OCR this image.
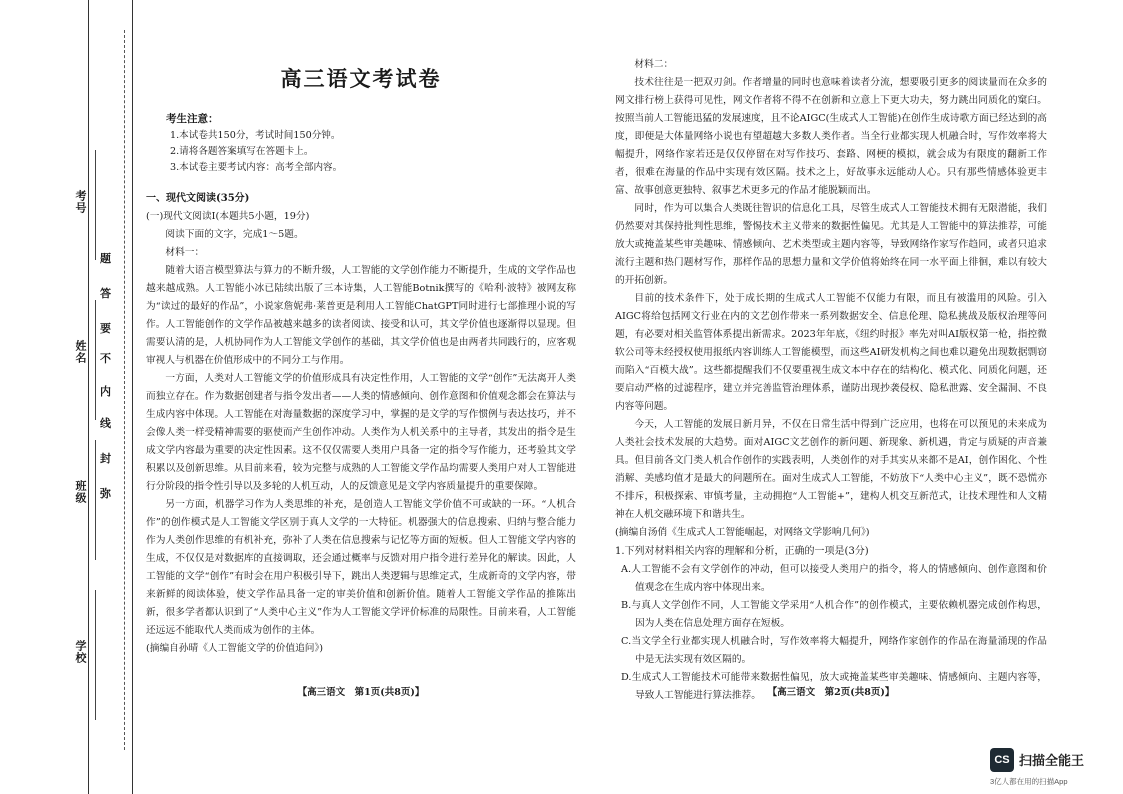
考号
姓名
班级
学校
题
答
要
不
内
线
封
弥
高三语文考试卷
考生注意：
1.本试卷共150分，考试时间150分钟。
2.请将各题答案填写在答题卡上。
3.本试卷主要考试内容：高考全部内容。
一、现代文阅读(35分)

(一)现代文阅读Ⅰ(本题共5小题，19分)

阅读下面的文字，完成1～5题。

材料一：

随着大语言模型算法与算力的不断升级，人工智能的文学创作能力不断提升，生成的文学作品也越来越成熟。人工智能小冰已陆续出版了三本诗集，人工智能Botnik撰写的《哈利·波特》被网友称为“读过的最好的作品”，小说家詹妮弗·莱普更是利用人工智能ChatGPT同时进行七部推理小说的写作。人工智能创作的文学作品被越来越多的读者阅读、接受和认可，其文学价值也逐渐得以显现。但需要认清的是，人机协同作为人工智能文学创作的基础，其文学价值也是由两者共同践行的，应客观审视人与机器在价值形成中的不同分工与作用。

一方面，人类对人工智能文学的价值形成具有决定性作用，人工智能的文学“创作”无法离开人类而独立存在。作为数据创建者与指令发出者——人类的情感倾向、创作意图和价值观念都会在算法与生成内容中体现。人工智能在对海量数据的深度学习中，掌握的是文学的写作惯例与表达技巧，并不会像人类一样受精神需要的驱使而产生创作冲动。人类作为人机关系中的主导者，其发出的指令是生成文学内容最为重要的决定性因素。这不仅仅需要人类用户具备一定的指令写作能力，还考验其文学积累以及创新思维。从目前来看，较为完整与成熟的人工智能文学作品均需要人类用户对人工智能进行分阶段的指令性引导以及多轮的人机互动，人的反馈意见是文学内容质量提升的重要保障。

另一方面，机器学习作为人类思维的补充，是创造人工智能文学价值不可或缺的一环。“人机合作”的创作模式是人工智能文学区别于真人文学的一大特征。机器强大的信息搜索、归纳与整合能力作为人类创作思维的有机补充，弥补了人类在信息搜索与记忆等方面的短板。但人工智能文学内容的生成，不仅仅是对数据库的直接调取，还会通过概率与反馈对用户指令进行差异化的解读。因此，人工智能的文学“创作”有时会在用户积极引导下，跳出人类逻辑与思维定式，生成新奇的文学内容，带来新鲜的阅读体验，使文学作品具备一定的审美价值和创新价值。随着人工智能文学作品的推陈出新，很多学者都认识到了“人类中心主义”作为人工智能文学评价标准的局限性。目前来看，人工智能还远远不能取代人类而成为创作的主体。

(摘编自孙晴《人工智能文学的价值追问》)

【高三语文　第1页(共8页)】

材料二：

技术往往是一把双刃剑。作者增量的同时也意味着读者分流，想要吸引更多的阅读量而在众多的网文排行榜上获得可见性，网文作者将不得不在创新和立意上下更大功夫，努力跳出同质化的窠臼。按照当前人工智能迅猛的发展速度，且不论AIGC(生成式人工智能)在创作生成诗歌方面已经达到的高度，即便是大体量网络小说也有望超越大多数人类作者。当全行业都实现人机融合时，写作效率将大幅提升，网络作家若还是仅仅停留在对写作技巧、套路、网梗的模拟，就会成为有限度的翻新工作者，很难在海量的作品中实现有效区隔。技术之上，好故事永远能动人心。只有那些情感体验更丰富、故事创意更独特、叙事艺术更多元的作品才能脱颖而出。

同时，作为可以集合人类既往智识的信息化工具，尽管生成式人工智能技术拥有无限潜能，我们仍然要对其保持批判性思维，警惕技术主义带来的数据性偏见。尤其是人工智能中的算法推荐，可能放大或掩盖某些审美趣味、情感倾向、艺术类型或主题内容等，导致网络作家写作趋同，或者只追求流行主题和热门题材写作，那样作品的思想力量和文学价值将始终在同一水平面上徘徊，难以有较大的开拓创新。

目前的技术条件下，处于成长期的生成式人工智能不仅能力有限，而且有被滥用的风险。引入AIGC将给包括网文行业在内的文艺创作带来一系列数据安全、信息伦理、隐私挑战及版权治理等问题，有必要对相关监管体系提出新需求。2023年年底，《纽约时报》率先对叫AI版权第一枪，指控微软公司等未经授权使用报纸内容训练人工智能模型，而这些AI研发机构之间也难以避免出现数据剽窃而陷入“百模大战”。这些都提醒我们不仅要重视生成文本中存在的结构化、模式化、同质化问题，还要启动严格的过滤程序，建立并完善监管治理体系，谨防出现抄袭侵权、隐私泄露、安全漏洞、不良内容等问题。

今天，人工智能的发展日新月异，不仅在日常生活中得到广泛应用，也将在可以预见的未来成为人类社会技术发展的大趋势。面对AIGC文艺创作的新问题、新现象、新机遇，肯定与质疑的声音兼具。但目前各文门类人机合作创作的实践表明，人类创作的对手其实从来都不是AI，创作困化、个性消解、美感均值才是最大的问题所在。面对生成式人工智能，不妨放下“人类中心主义”，既不恐慌亦不排斥，积极探索、审慎考量，主动拥抱“人工智能+”，建构人机交互新范式，让技术理性和人文精神在人机交融环境下和谐共生。

(摘编自汤俏《生成式人工智能崛起，对网络文学影响几何》)

1.下列对材料相关内容的理解和分析，正确的一项是(3分)

A.人工智能不会有文学创作的冲动，但可以接受人类用户的指令，将人的情感倾向、创作意图和价值观念在生成内容中体现出来。

B.与真人文学创作不同，人工智能文学采用“人机合作”的创作模式，主要依赖机器完成创作构思，因为人类在信息处理方面存在短板。

C.当文学全行业都实现人机融合时，写作效率将大幅提升，网络作家创作的作品在海量涌现的作品中是无法实现有效区隔的。

D.生成式人工智能技术可能带来数据性偏见，放大或掩盖某些审美趣味、情感倾向、主题内容等，导致人工智能进行算法推荐。 【高三语文　第2页(共8页)】
CS 扫描全能王
3亿人都在用的扫描App
